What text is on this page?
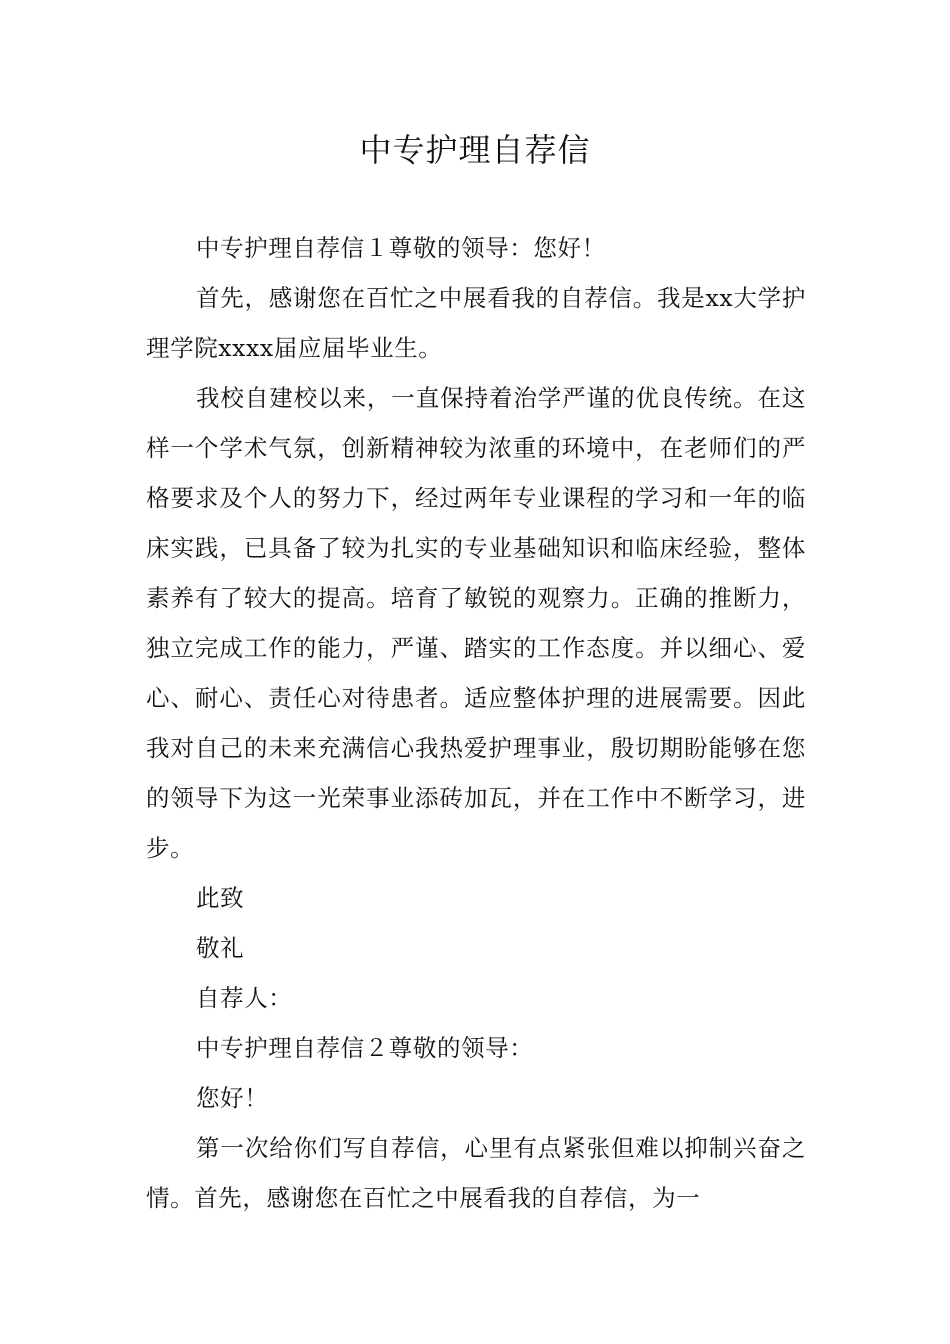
中专护理自荐信

中专护理自荐信１尊敬的领导：您好！

首先，感谢您在百忙之中展看我的自荐信。我是xx大学护理学院xxxx届应届毕业生。

我校自建校以来，一直保持着治学严谨的优良传统。在这样一个学术气氛，创新精神较为浓重的环境中，在老师们的严格要求及个人的努力下，经过两年专业课程的学习和一年的临床实践，已具备了较为扎实的专业基础知识和临床经验，整体素养有了较大的提高。培育了敏锐的观察力。正确的推断力，独立完成工作的能力，严谨、踏实的工作态度。并以细心、爱心、耐心、责任心对待患者。适应整体护理的进展需要。因此我对自己的未来充满信心我热爱护理事业，殷切期盼能够在您的领导下为这一光荣事业添砖加瓦，并在工作中不断学习，进步。

此致

敬礼

自荐人：

中专护理自荐信２尊敬的领导：

您好！

第一次给你们写自荐信，心里有点紧张但难以抑制兴奋之情。首先，感谢您在百忙之中展看我的自荐信，为一
